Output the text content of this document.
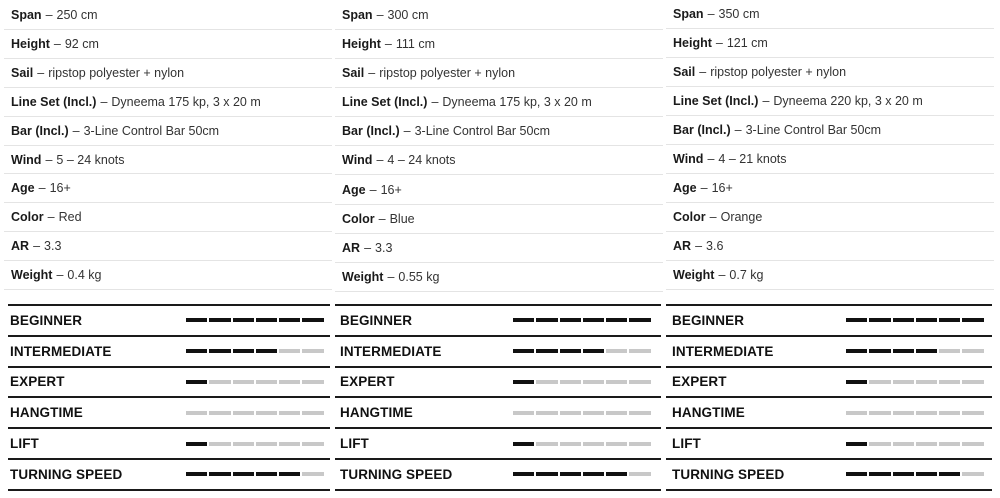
Span – 250 cm
Height – 92 cm
Sail – ripstop polyester + nylon
Line Set (Incl.) – Dyneema 175 kp, 3 x 20 m
Bar (Incl.) – 3-Line Control Bar 50cm
Wind – 5 – 24 knots
Age – 16+
Color – Red
AR – 3.3
Weight – 0.4 kg
BEGINNER
INTERMEDIATE
EXPERT
HANGTIME
LIFT
TURNING SPEED
Span – 300 cm
Height – 111 cm
Sail – ripstop polyester + nylon
Line Set (Incl.) – Dyneema 175 kp, 3 x 20 m
Bar (Incl.) – 3-Line Control Bar 50cm
Wind – 4 – 24 knots
Age – 16+
Color – Blue
AR – 3.3
Weight – 0.55 kg
BEGINNER
INTERMEDIATE
EXPERT
HANGTIME
LIFT
TURNING SPEED
Span – 350 cm
Height – 121 cm
Sail – ripstop polyester + nylon
Line Set (Incl.) – Dyneema 220 kp, 3 x 20 m
Bar (Incl.) – 3-Line Control Bar 50cm
Wind – 4 – 21 knots
Age – 16+
Color – Orange
AR – 3.6
Weight – 0.7 kg
BEGINNER
INTERMEDIATE
EXPERT
HANGTIME
LIFT
TURNING SPEED
